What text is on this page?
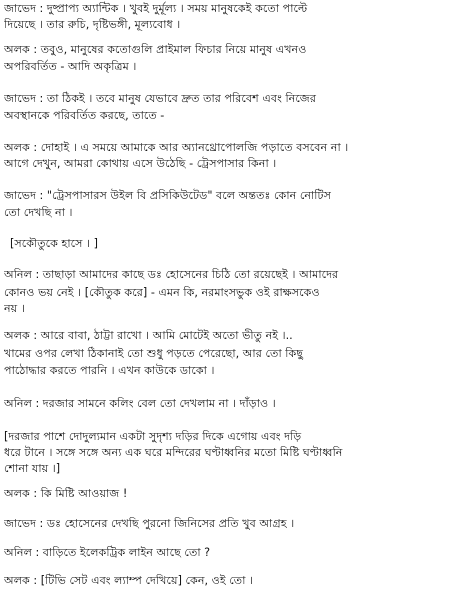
জাভেদ : দুষ্প্রাপ্য অ্যান্টিক । খুবই দুর্মূল্য । সময় মানুষকেই কতো পাল্টে

দিয়েছে । তার রুচি, দৃষ্টিভঙ্গী, মূল্যবোধ ।

অলক : তবুও, মানুষের কতোগুলি প্রাইমাল ফিচার নিয়ে মানুষ এখনও

অপরিবর্তিত - আদি অকৃত্রিম ।

জাভেদ : তা ঠিকই । তবে মানুষ যেভাবে দ্রুত তার পরিবেশ এবং নিজের

অবস্থানকে পরিবর্তিত করছে, তাতে -

অলক : দোহাই । এ সময়ে আমাকে আর অ্যানথ্রোপোলজি পড়াতে বসবেন না ।

আগে দেখুন, আমরা কোথায় এসে উঠেছি - ট্রেসপাসার কিনা ।

জাভেদ : "ট্রেসপাসারস উইল বি প্রসিকিউটেড" বলে অন্ততঃ কোন নোটিস

তো দেখছি না ।

[সকৌতুকে হাসে । ]

অনিল : তাছাড়া আমাদের কাছে ডঃ হোসেনের চিঠি তো রয়েছেই । আমাদের

কোনও ভয় নেই । [কৌতুক করে] - এমন কি, নরমাংসভুক ওই রাক্ষসকেও

নয় ।

অলক : আরে বাবা, ঠাট্টা রাখো । আমি মোটেই অতো ভীতু নই ।..

খামের ওপর লেখা ঠিকানাই তো শুধু পড়তে পেরেছো, আর তো কিছু

পাঠোদ্ধার করতে পারনি । এখন কাউকে ডাকো ।

অনিল : দরজার সামনে কলিং বেল তো দেখলাম না । দাঁড়াও ।

[দরজার পাশে দোদুল্যমান একটা সুদৃশ্য দড়ির দিকে এগোয় এবং দড়ি

ধরে টানে । সঙ্গে সঙ্গে অন্য এক ঘরে মন্দিরের ঘণ্টাধ্বনির মতো মিষ্টি ঘণ্টাধ্বনি

শোনা যায় ।]

অলক : কি মিষ্টি আওয়াজ !

জাভেদ : ডঃ হোসেনের দেখছি পুরনো জিনিসের প্রতি খুব আগ্রহ ।

অনিল : বাড়িতে ইলেকট্রিক লাইন আছে তো ?

অলক : [টিভি সেট এবং ল্যাম্প দেখিয়ে] কেন, ওই তো ।
